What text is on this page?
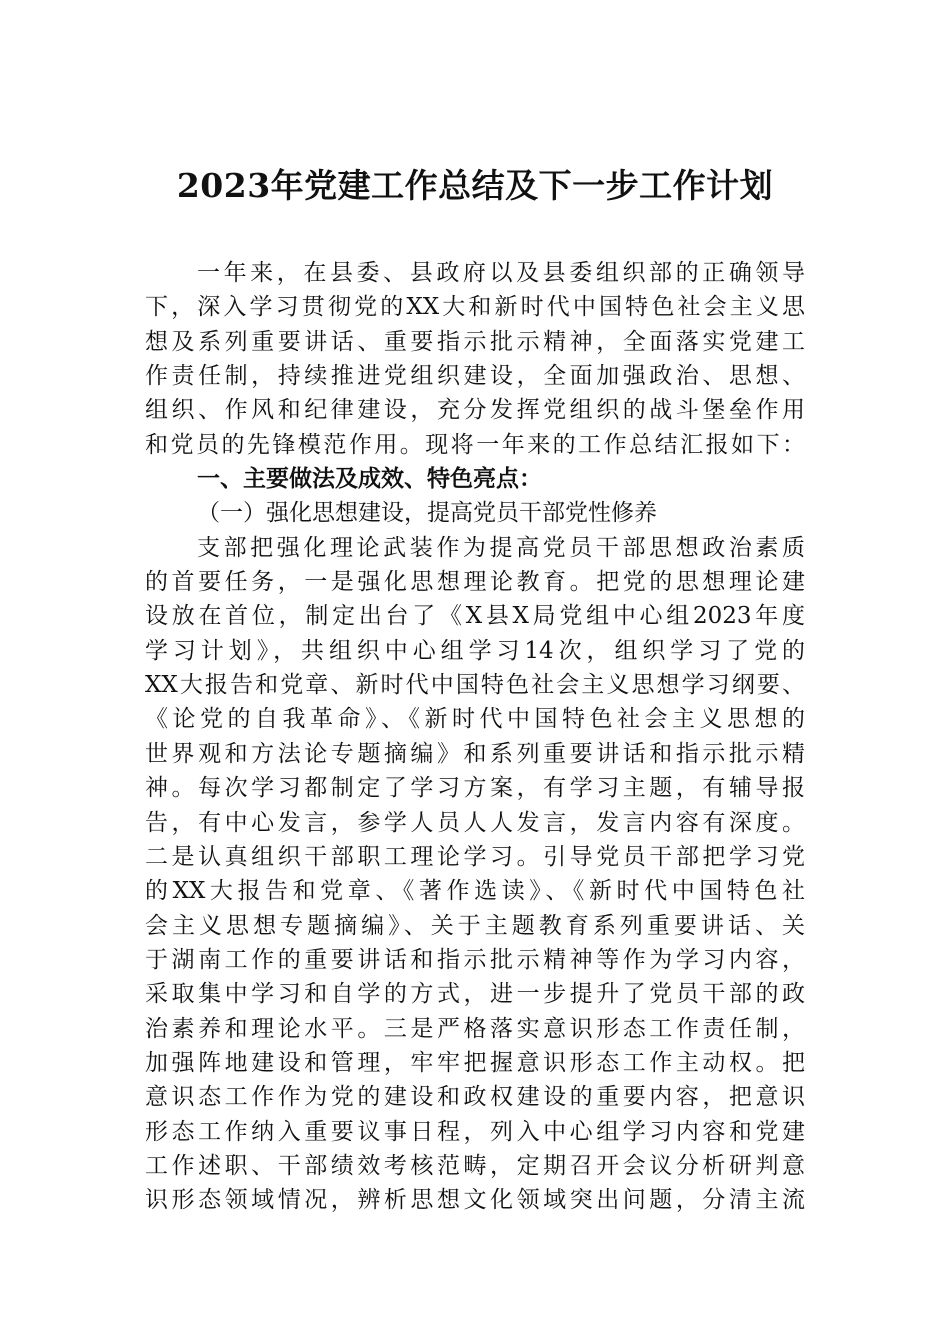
2023年党建工作总结及下一步工作计划
一年来，在县委、县政府以及县委组织部的正确领导
下，深入学习贯彻党的XX大和新时代中国特色社会主义思
想及系列重要讲话、重要指示批示精神，全面落实党建工
作责任制，持续推进党组织建设，全面加强政治、思想、
组织、作风和纪律建设，充分发挥党组织的战斗堡垒作用
和党员的先锋模范作用。现将一年来的工作总结汇报如下：
一、主要做法及成效、特色亮点：
（一）强化思想建设，提高党员干部党性修养
支部把强化理论武装作为提高党员干部思想政治素质
的首要任务，一是强化思想理论教育。把党的思想理论建
设放在首位，制定出台了《X县X局党组中心组2023年度
学习计划》，共组织中心组学习14次，组织学习了党的
XX大报告和党章、新时代中国特色社会主义思想学习纲要、
《论党的自我革命》、《新时代中国特色社会主义思想的
世界观和方法论专题摘编》和系列重要讲话和指示批示精
神。每次学习都制定了学习方案，有学习主题，有辅导报
告，有中心发言，参学人员人人发言，发言内容有深度。
二是认真组织干部职工理论学习。引导党员干部把学习党
的XX大报告和党章、《著作选读》、《新时代中国特色社
会主义思想专题摘编》、关于主题教育系列重要讲话、关
于湖南工作的重要讲话和指示批示精神等作为学习内容，
采取集中学习和自学的方式，进一步提升了党员干部的政
治素养和理论水平。三是严格落实意识形态工作责任制，
加强阵地建设和管理，牢牢把握意识形态工作主动权。把
意识态工作作为党的建设和政权建设的重要内容，把意识
形态工作纳入重要议事日程，列入中心组学习内容和党建
工作述职、干部绩效考核范畴，定期召开会议分析研判意
识形态领域情况，辨析思想文化领域突出问题，分清主流
